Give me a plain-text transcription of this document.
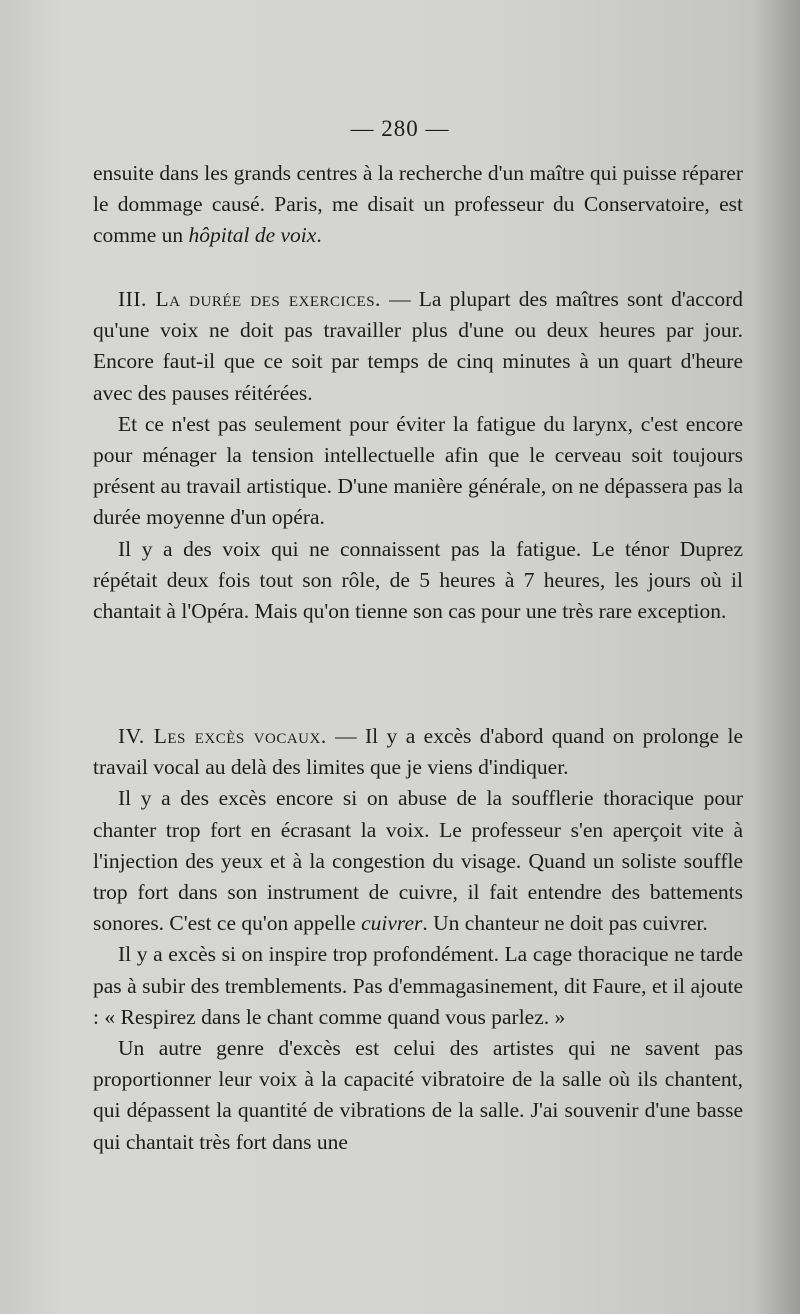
— 280 —

ensuite dans les grands centres à la recherche d'un maître qui puisse réparer le dommage causé. Paris, me disait un professeur du Conservatoire, est comme un hôpital de voix.

III. La durée des exercices. — La plupart des maîtres sont d'accord qu'une voix ne doit pas travailler plus d'une ou deux heures par jour. Encore faut-il que ce soit par temps de cinq minutes à un quart d'heure avec des pauses réitérées.

Et ce n'est pas seulement pour éviter la fatigue du larynx, c'est encore pour ménager la tension intellectuelle afin que le cerveau soit toujours présent au travail artistique. D'une manière générale, on ne dépassera pas la durée moyenne d'un opéra.

Il y a des voix qui ne connaissent pas la fatigue. Le ténor Duprez répétait deux fois tout son rôle, de 5 heures à 7 heures, les jours où il chantait à l'Opéra. Mais qu'on tienne son cas pour une très rare exception.

IV. Les excès vocaux. — Il y a excès d'abord quand on prolonge le travail vocal au delà des limites que je viens d'indiquer.

Il y a des excès encore si on abuse de la soufflerie thoracique pour chanter trop fort en écrasant la voix. Le professeur s'en aperçoit vite à l'injection des yeux et à la congestion du visage. Quand un soliste souffle trop fort dans son instrument de cuivre, il fait entendre des battements sonores. C'est ce qu'on appelle cuivrer. Un chanteur ne doit pas cuivrer.

Il y a excès si on inspire trop profondément. La cage thoracique ne tarde pas à subir des tremblements. Pas d'emmagasinement, dit Faure, et il ajoute : « Respirez dans le chant comme quand vous parlez. »

Un autre genre d'excès est celui des artistes qui ne savent pas proportionner leur voix à la capacité vibratoire de la salle où ils chantent, qui dépassent la quantité de vibrations de la salle. J'ai souvenir d'une basse qui chantait très fort dans une
